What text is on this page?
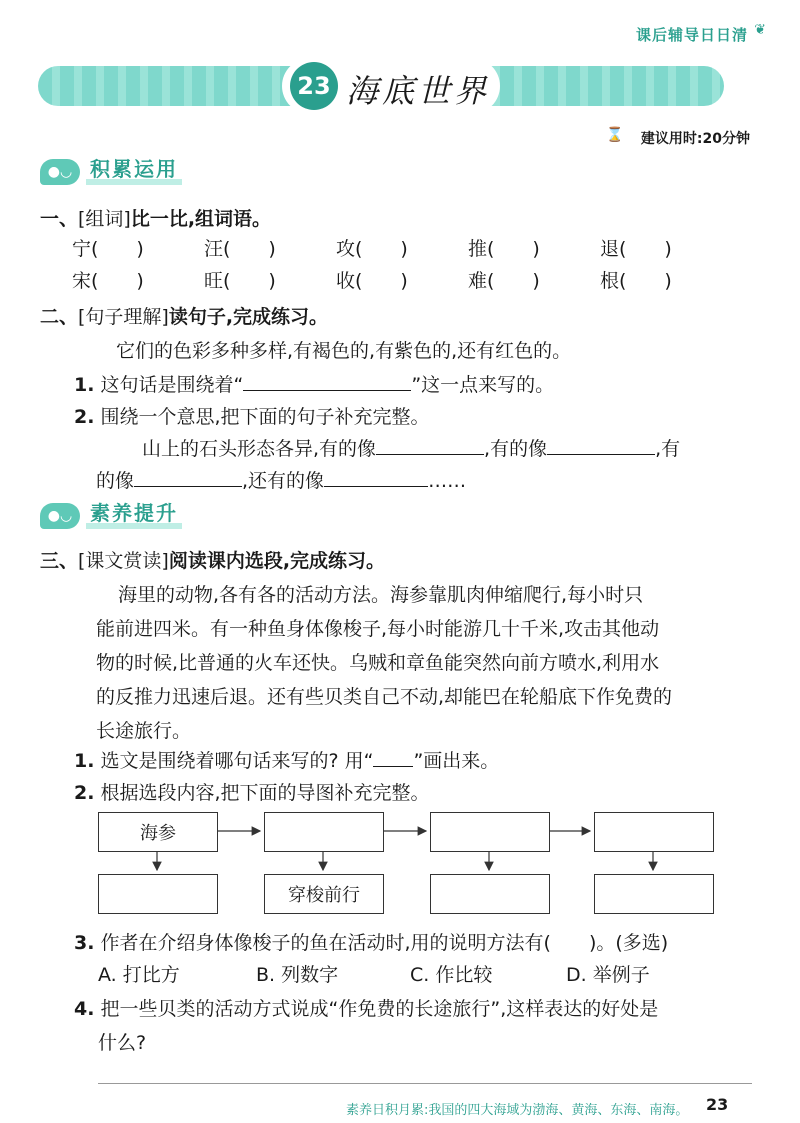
课后辅导日日清 ❦
23 海底世界
⌛ 建议用时:20分钟
●◡ 积累运用
一、[组词]比一比,组词语。
宁(　　)	汪(　　)	攻(　　)	推(　　)	退(　　)
宋(　　)	旺(　　)	收(　　)	难(　　)	根(　　)
二、[句子理解]读句子,完成练习。
它们的色彩多种多样,有褐色的,有紫色的,还有红色的。
1. 这句话是围绕着“	”这一点来写的。
2. 围绕一个意思,把下面的句子补充完整。
山上的石头形态各异,有的像	,有的像	,有
的像	,还有的像	……
●◡ 素养提升
三、[课文赏读]阅读课内选段,完成练习。
海里的动物,各有各的活动方法。海参靠肌肉伸缩爬行,每小时只
能前进四米。有一种鱼身体像梭子,每小时能游几十千米,攻击其他动
物的时候,比普通的火车还快。乌贼和章鱼能突然向前方喷水,利用水
的反推力迅速后退。还有些贝类自己不动,却能巴在轮船底下作免费的
长途旅行。
1. 选文是围绕着哪句话来写的? 用“ ”画出来。
2. 根据选段内容,把下面的导图补充完整。
海参
穿梭前行
3. 作者在介绍身体像梭子的鱼在活动时,用的说明方法有(　　)。(多选)
A. 打比方	B. 列数字	C. 作比较	D. 举例子
4. 把一些贝类的活动方式说成“作免费的长途旅行”,这样表达的好处是
什么?
素养日积月累:我国的四大海域为渤海、黄海、东海、南海。 23
